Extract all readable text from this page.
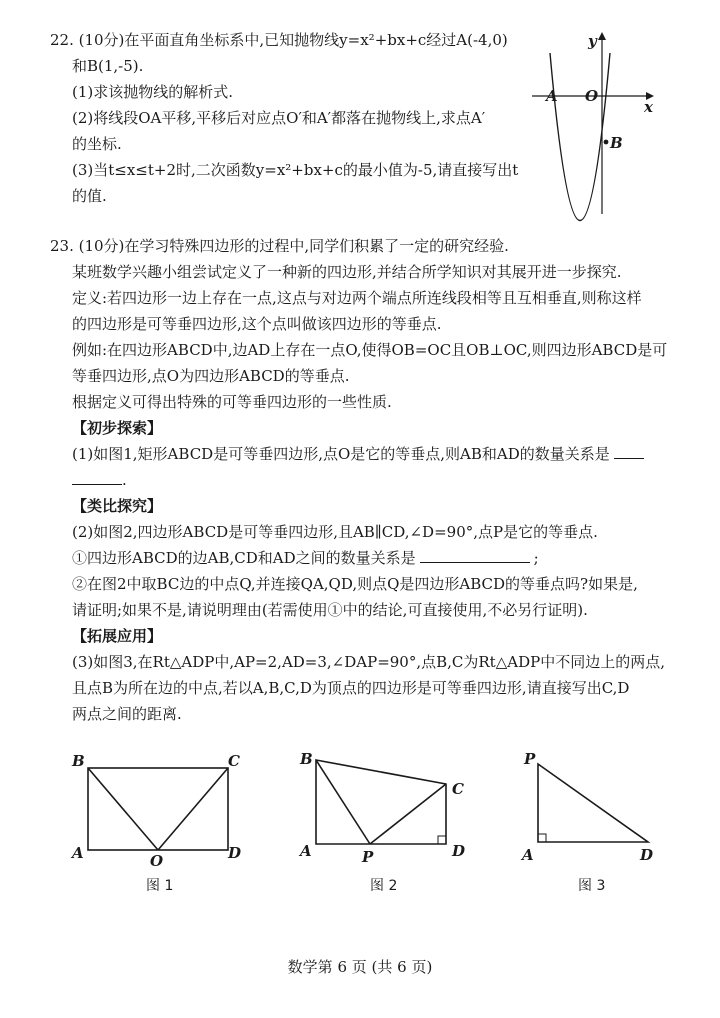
22. (10分)在平面直角坐标系中,已知抛物线y=x²+bx+c经过A(-4,0)
和B(1,-5).
(1)求该抛物线的解析式.
(2)将线段OA平移,平移后对应点O′和A′都落在抛物线上,求点A′
的坐标.
(3)当t≤x≤t+2时,二次函数y=x²+bx+c的最小值为-5,请直接写出t
的值.
y
x
A O
B
23. (10分)在学习特殊四边形的过程中,同学们积累了一定的研究经验.
某班数学兴趣小组尝试定义了一种新的四边形,并结合所学知识对其展开进一步探究.
定义:若四边形一边上存在一点,这点与对边两个端点所连线段相等且互相垂直,则称这样
的四边形是可等垂四边形,这个点叫做该四边形的等垂点.
例如:在四边形ABCD中,边AD上存在一点O,使得OB=OC且OB⊥OC,则四边形ABCD是可
等垂四边形,点O为四边形ABCD的等垂点.
根据定义可得出特殊的可等垂四边形的一些性质.
【初步探索】
(1)如图1,矩形ABCD是可等垂四边形,点O是它的等垂点,则AB和AD的数量关系是
.
【类比探究】
(2)如图2,四边形ABCD是可等垂四边形,且AB∥CD,∠D=90°,点P是它的等垂点.
①四边形ABCD的边AB,CD和AD之间的数量关系是	;
②在图2中取BC边的中点Q,并连接QA,QD,则点Q是四边形ABCD的等垂点吗?如果是,
请证明;如果不是,请说明理由(若需使用①中的结论,可直接使用,不必另行证明).
【拓展应用】
(3)如图3,在Rt△ADP中,AP=2,AD=3,∠DAP=90°,点B,C为Rt△ADP中不同边上的两点,
且点B为所在边的中点,若以A,B,C,D为顶点的四边形是可等垂四边形,请直接写出C,D
两点之间的距离.
B	C
A	O	D
图 1
B
C
A	P	D
图 2
P
A	D
图 3
数学第 6 页 (共 6 页)
